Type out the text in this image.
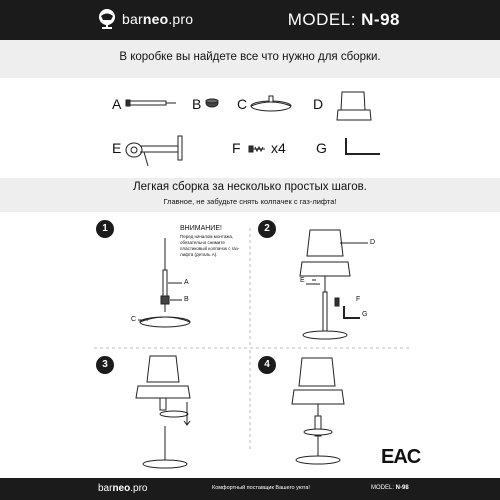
barneo.pro	MODEL: N-98
В коробке вы найдете все что нужно для сборки.
A	B	C	D
E	F x4 G
Легкая сборка за несколько простых шагов.
Главное, не забудьте снять колпачек с газ-лифта!
1	2
3	4
ВНИМАНИЕ!
Перед началом монтажа, обязательно снимите пластиковый колпачок с газ-лифта (деталь А).
A
B
C
D
E
F
G
EAC
barneo.pro	Комфортный поставщик Вашего уюта!	MODEL: N-98
